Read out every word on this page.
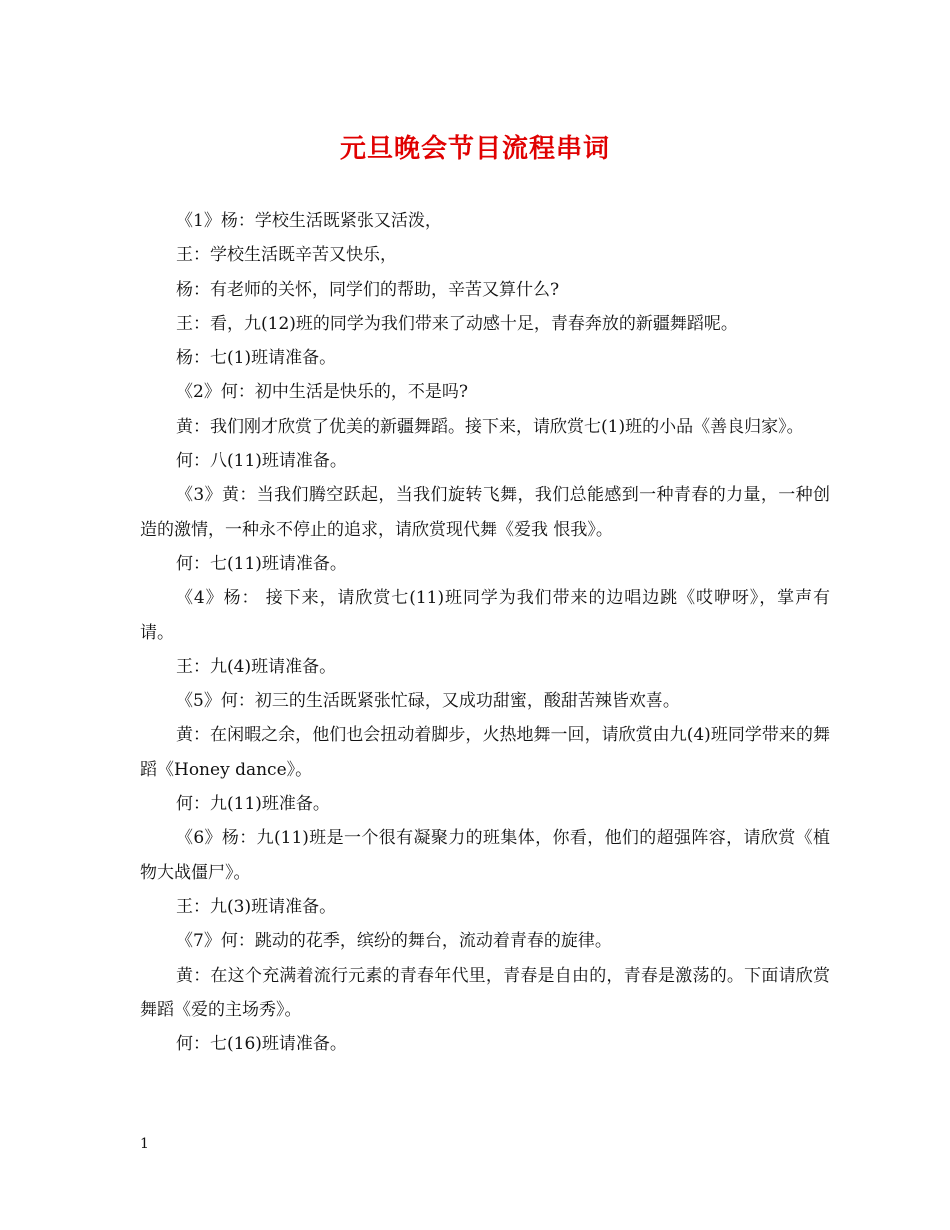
元旦晚会节目流程串词

《1》杨：学校生活既紧张又活泼，

王：学校生活既辛苦又快乐，

杨：有老师的关怀，同学们的帮助，辛苦又算什么?

王：看，九(12)班的同学为我们带来了动感十足，青春奔放的新疆舞蹈呢。

杨：七(1)班请准备。

《2》何：初中生活是快乐的，不是吗?

黄：我们刚才欣赏了优美的新疆舞蹈。接下来，请欣赏七(1)班的小品《善良归家》。

何：八(11)班请准备。

《3》黄：当我们腾空跃起，当我们旋转飞舞，我们总能感到一种青春的力量，一种创造的激情，一种永不停止的追求，请欣赏现代舞《爱我 恨我》。

何：七(11)班请准备。

《4》杨： 接下来，请欣赏七(11)班同学为我们带来的边唱边跳《哎咿呀》，掌声有请。

王：九(4)班请准备。

《5》何：初三的生活既紧张忙碌，又成功甜蜜，酸甜苦辣皆欢喜。

黄：在闲暇之余，他们也会扭动着脚步，火热地舞一回，请欣赏由九(4)班同学带来的舞蹈《Honey dance》。

何：九(11)班准备。

《6》杨：九(11)班是一个很有凝聚力的班集体，你看，他们的超强阵容，请欣赏《植物大战僵尸》。

王：九(3)班请准备。

《7》何：跳动的花季，缤纷的舞台，流动着青春的旋律。

黄：在这个充满着流行元素的青春年代里，青春是自由的，青春是激荡的。下面请欣赏舞蹈《爱的主场秀》。

何：七(16)班请准备。

1
